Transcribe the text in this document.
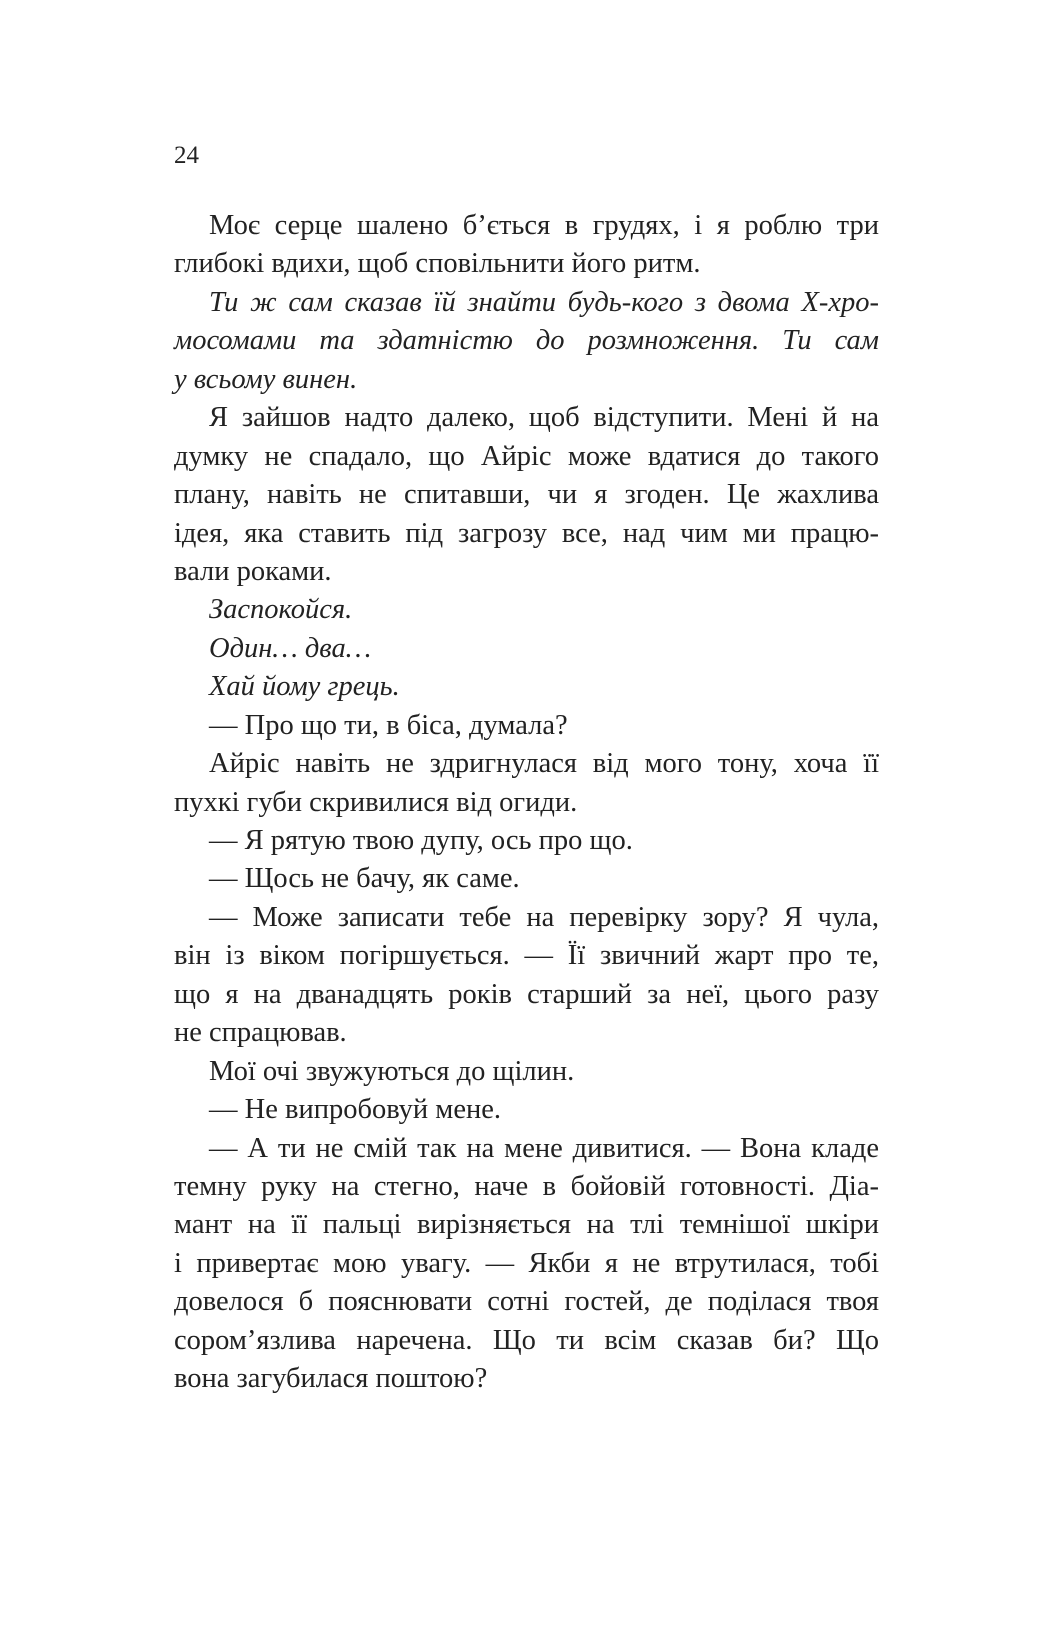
24
Моє серце шалено б’ється в грудях, і я роблю три
глибокі вдихи, щоб сповільнити його ритм.
Ти ж сам сказав їй знайти будь-кого з двома Х-хро-
мосомами та здатністю до розмноження. Ти сам
у всьому винен.
Я зайшов надто далеко, щоб відступити. Мені й на
думку не спадало, що Айріс може вдатися до такого
плану, навіть не спитавши, чи я згоден. Це жахлива
ідея, яка ставить під загрозу все, над чим ми працю-
вали роками.
Заспокойся.
Один… два…
Хай йому грець.
— Про що ти, в біса, думала?
Айріс навіть не здригнулася від мого тону, хоча її
пухкі губи скривилися від огиди.
— Я рятую твою дупу, ось про що.
— Щось не бачу, як саме.
— Може записати тебе на перевірку зору? Я чула,
він із віком погіршується. — Її звичний жарт про те,
що я на дванадцять років старший за неї, цього разу
не спрацював.
Мої очі звужуються до щілин.
— Не випробовуй мене.
— А ти не смій так на мене дивитися. — Вона кладе
темну руку на стегно, наче в бойовій готовності. Діа-
мант на її пальці вирізняється на тлі темнішої шкіри
і привертає мою увагу. — Якби я не втрутилася, тобі
довелося б пояснювати сотні гостей, де поділася твоя
сором’язлива наречена. Що ти всім сказав би? Що
вона загубилася поштою?
